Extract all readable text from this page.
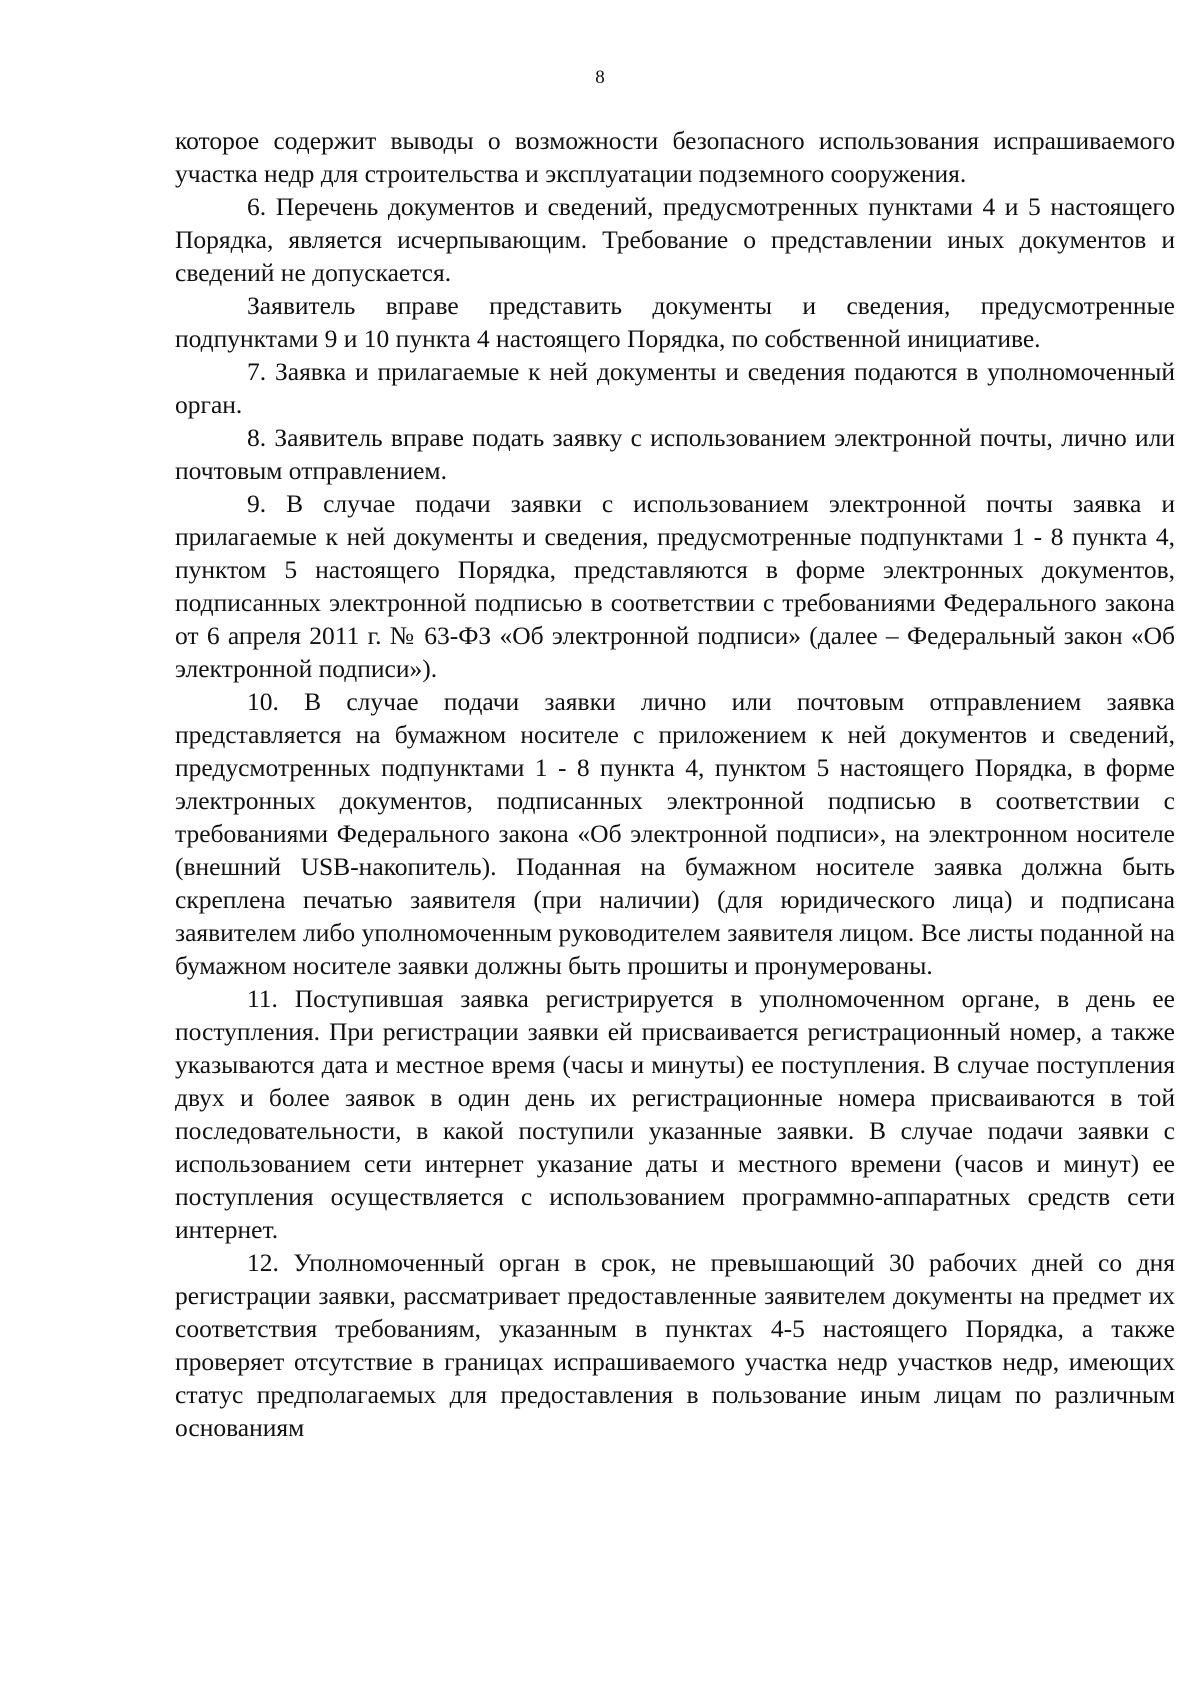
8

которое содержит выводы о возможности безопасного использования испрашиваемого участка недр для строительства и эксплуатации подземного сооружения.

6. Перечень документов и сведений, предусмотренных пунктами 4 и 5 настоящего Порядка, является исчерпывающим. Требование о представлении иных документов и сведений не допускается.

Заявитель вправе представить документы и сведения, предусмотренные подпунктами 9 и 10 пункта 4 настоящего Порядка, по собственной инициативе.

7. Заявка и прилагаемые к ней документы и сведения подаются в уполномоченный орган.

8. Заявитель вправе подать заявку с использованием электронной почты, лично или почтовым отправлением.

9. В случае подачи заявки с использованием электронной почты заявка и прилагаемые к ней документы и сведения, предусмотренные подпунктами 1 - 8 пункта 4, пунктом 5 настоящего Порядка, представляются в форме электронных документов, подписанных электронной подписью в соответствии с требованиями Федерального закона от 6 апреля 2011 г. № 63-ФЗ «Об электронной подписи» (далее – Федеральный закон «Об электронной подписи»).

10. В случае подачи заявки лично или почтовым отправлением заявка представляется на бумажном носителе с приложением к ней документов и сведений, предусмотренных подпунктами 1 - 8 пункта 4, пунктом 5 настоящего Порядка, в форме электронных документов, подписанных электронной подписью в соответствии с требованиями Федерального закона «Об электронной подписи», на электронном носителе (внешний USB-накопитель). Поданная на бумажном носителе заявка должна быть скреплена печатью заявителя (при наличии) (для юридического лица) и подписана заявителем либо уполномоченным руководителем заявителя лицом. Все листы поданной на бумажном носителе заявки должны быть прошиты и пронумерованы.

11. Поступившая заявка регистрируется в уполномоченном органе, в день ее поступления. При регистрации заявки ей присваивается регистрационный номер, а также указываются дата и местное время (часы и минуты) ее поступления. В случае поступления двух и более заявок в один день их регистрационные номера присваиваются в той последовательности, в какой поступили указанные заявки. В случае подачи заявки с использованием сети интернет указание даты и местного времени (часов и минут) ее поступления осуществляется с использованием программно-аппаратных средств сети интернет.

12. Уполномоченный орган в срок, не превышающий 30 рабочих дней со дня регистрации заявки, рассматривает предоставленные заявителем документы на предмет их соответствия требованиям, указанным в пунктах 4-5 настоящего Порядка, а также проверяет отсутствие в границах испрашиваемого участка недр участков недр, имеющих статус предполагаемых для предоставления в пользование иным лицам по различным основаниям
